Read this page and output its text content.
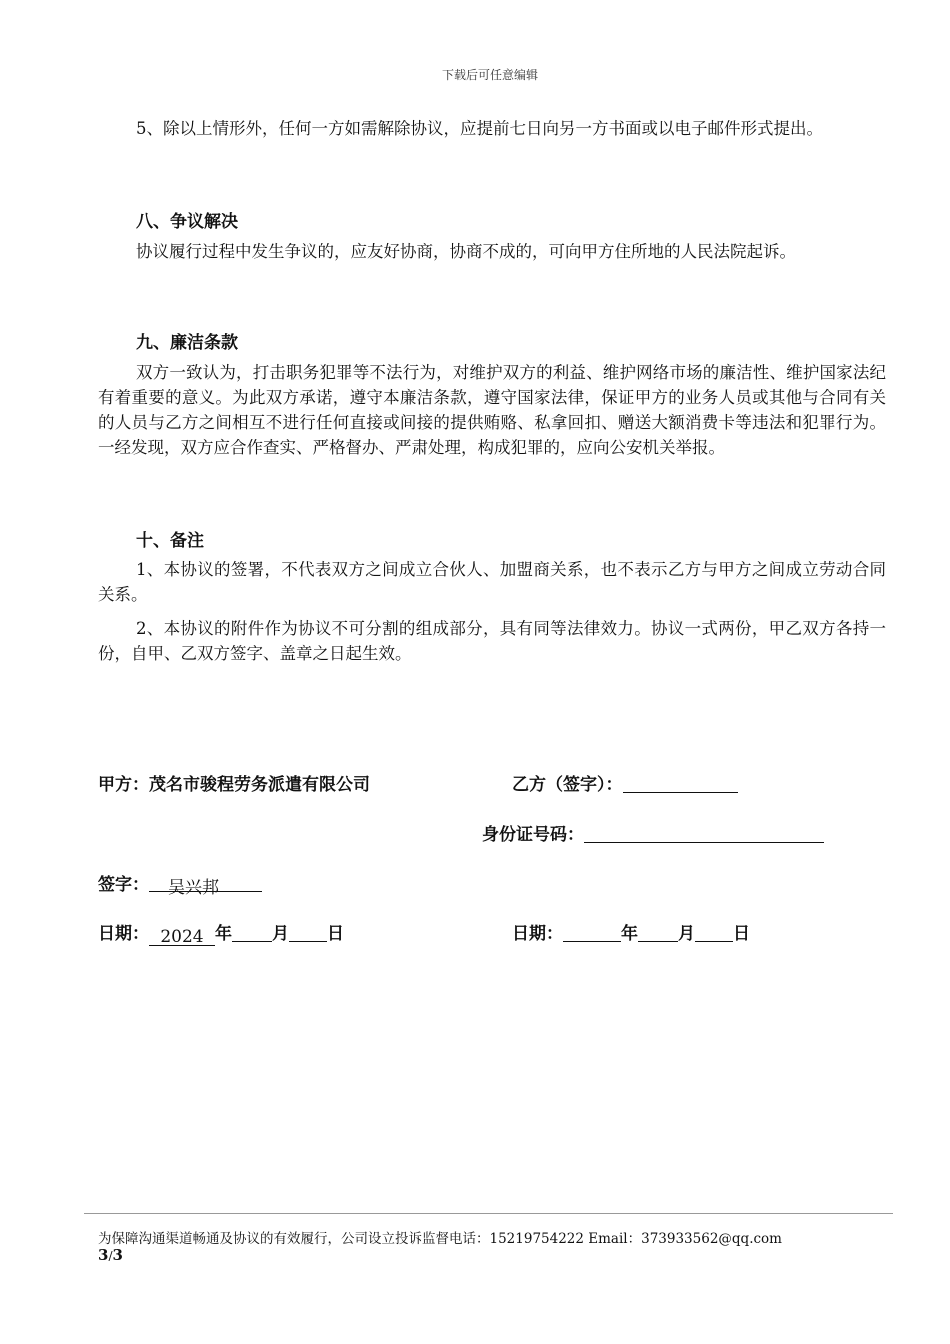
下载后可任意编辑
5、除以上情形外，任何一方如需解除协议，应提前七日向另一方书面或以电子邮件形式提出。
八、争议解决
协议履行过程中发生争议的，应友好协商，协商不成的，可向甲方住所地的人民法院起诉。
九、廉洁条款
双方一致认为，打击职务犯罪等不法行为，对维护双方的利益、维护网络市场的廉洁性、维护国家法纪有着重要的意义。为此双方承诺，遵守本廉洁条款，遵守国家法律，保证甲方的业务人员或其他与合同有关的人员与乙方之间相互不进行任何直接或间接的提供贿赂、私拿回扣、赠送大额消费卡等违法和犯罪行为。一经发现，双方应合作查实、严格督办、严肃处理，构成犯罪的，应向公安机关举报。
十、备注
1、本协议的签署，不代表双方之间成立合伙人、加盟商关系，也不表示乙方与甲方之间成立劳动合同关系。
2、本协议的附件作为协议不可分割的组成部分，具有同等法律效力。协议一式两份，甲乙双方各持一份，自甲、乙双方签字、盖章之日起生效。
甲方：茂名市骏程劳务派遣有限公司	乙方（签字）：
身份证号码：
签字： 吴兴邦
日期： 2024 年 月 日	日期：	年 月 日
为保障沟通渠道畅通及协议的有效履行，公司设立投诉监督电话：15219754222 Email：373933562@qq.com
3/3
